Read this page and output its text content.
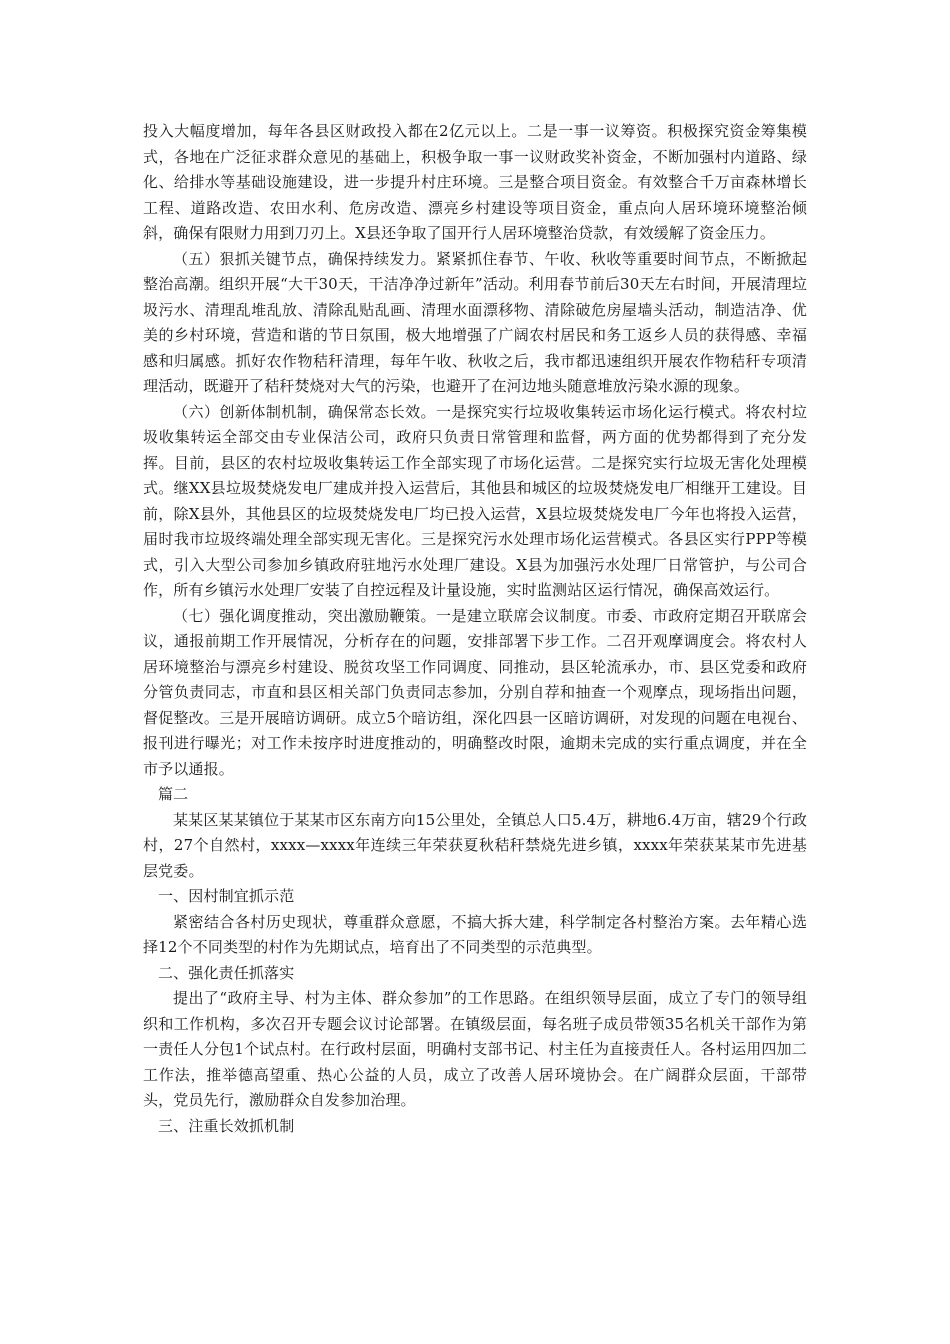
投入大幅度增加，每年各县区财政投入都在2亿元以上。二是一事一议筹资。积极探究资金筹集模式，各地在广泛征求群众意见的基础上，积极争取一事一议财政奖补资金，不断加强村内道路、绿化、给排水等基础设施建设，进一步提升村庄环境。三是整合项目资金。有效整合千万亩森林增长工程、道路改造、农田水利、危房改造、漂亮乡村建设等项目资金，重点向人居环境环境整治倾斜，确保有限财力用到刀刃上。X县还争取了国开行人居环境整治贷款，有效缓解了资金压力。

（五）狠抓关键节点，确保持续发力。紧紧抓住春节、午收、秋收等重要时间节点，不断掀起整治高潮。组织开展“大干30天，干洁净净过新年”活动。利用春节前后30天左右时间，开展清理垃圾污水、清理乱堆乱放、清除乱贴乱画、清理水面漂移物、清除破危房屋墙头活动，制造洁净、优美的乡村环境，营造和谐的节日氛围，极大地增强了广阔农村居民和务工返乡人员的获得感、幸福感和归属感。抓好农作物秸秆清理，每年午收、秋收之后，我市都迅速组织开展农作物秸秆专项清理活动，既避开了秸秆焚烧对大气的污染，也避开了在河边地头随意堆放污染水源的现象。

（六）创新体制机制，确保常态长效。一是探究实行垃圾收集转运市场化运行模式。将农村垃圾收集转运全部交由专业保洁公司，政府只负责日常管理和监督，两方面的优势都得到了充分发挥。目前，县区的农村垃圾收集转运工作全部实现了市场化运营。二是探究实行垃圾无害化处理模式。继XX县垃圾焚烧发电厂建成并投入运营后，其他县和城区的垃圾焚烧发电厂相继开工建设。目前，除X县外，其他县区的垃圾焚烧发电厂均已投入运营，X县垃圾焚烧发电厂今年也将投入运营，届时我市垃圾终端处理全部实现无害化。三是探究污水处理市场化运营模式。各县区实行PPP等模式，引入大型公司参加乡镇政府驻地污水处理厂建设。X县为加强污水处理厂日常管护，与公司合作，所有乡镇污水处理厂安装了自控远程及计量设施，实时监测站区运行情况，确保高效运行。

（七）强化调度推动，突出激励鞭策。一是建立联席会议制度。市委、市政府定期召开联席会议，通报前期工作开展情况，分析存在的问题，安排部署下步工作。二召开观摩调度会。将农村人居环境整治与漂亮乡村建设、脱贫攻坚工作同调度、同推动，县区轮流承办，市、县区党委和政府分管负责同志，市直和县区相关部门负责同志参加，分别自荐和抽查一个观摩点，现场指出问题，督促整改。三是开展暗访调研。成立5个暗访组，深化四县一区暗访调研，对发现的问题在电视台、报刊进行曝光；对工作未按序时进度推动的，明确整改时限，逾期未完成的实行重点调度，并在全市予以通报。

篇二

某某区某某镇位于某某市区东南方向15公里处，全镇总人口5.4万，耕地6.4万亩，辖29个行政村，27个自然村，xxxx—xxxx年连续三年荣获夏秋秸秆禁烧先进乡镇，xxxx年荣获某某市先进基层党委。

一、因村制宜抓示范

紧密结合各村历史现状，尊重群众意愿，不搞大拆大建，科学制定各村整治方案。去年精心选择12个不同类型的村作为先期试点，培育出了不同类型的示范典型。

二、强化责任抓落实

提出了“政府主导、村为主体、群众参加”的工作思路。在组织领导层面，成立了专门的领导组织和工作机构，多次召开专题会议讨论部署。在镇级层面，每名班子成员带领35名机关干部作为第一责任人分包1个试点村。在行政村层面，明确村支部书记、村主任为直接责任人。各村运用四加二工作法，推举德高望重、热心公益的人员，成立了改善人居环境协会。在广阔群众层面，干部带头，党员先行，激励群众自发参加治理。

三、注重长效抓机制
